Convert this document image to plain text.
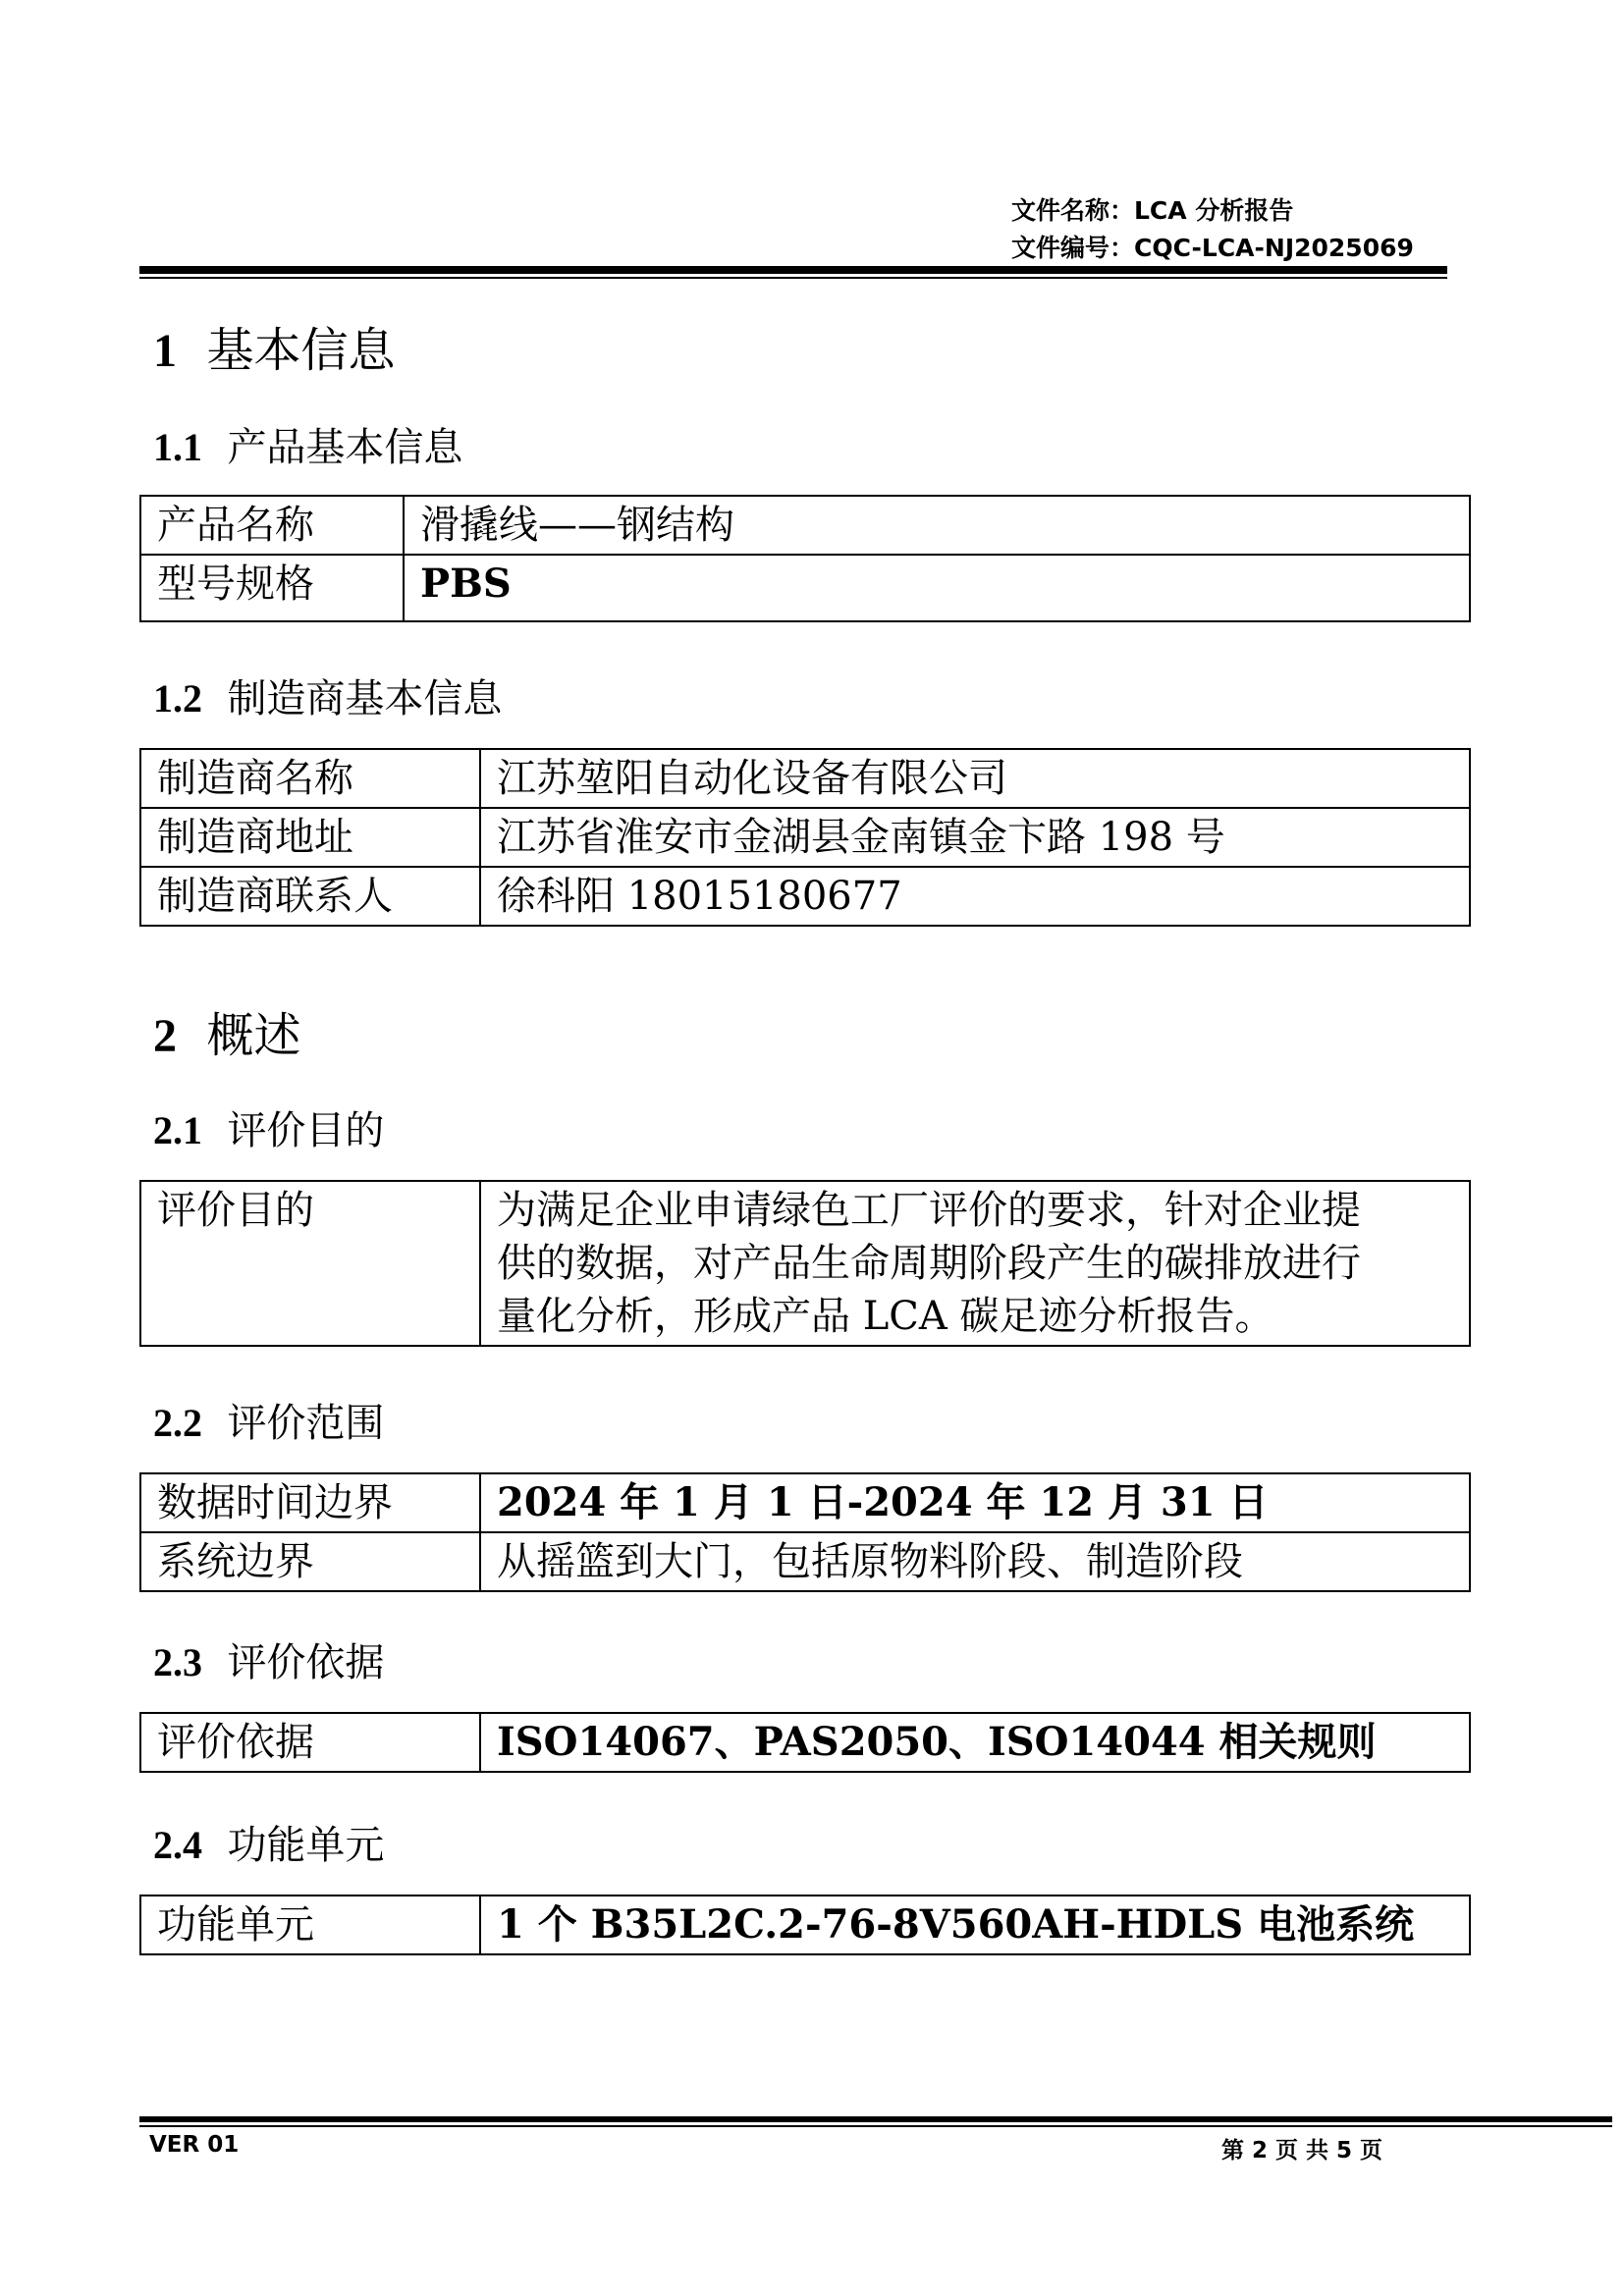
文件名称：LCA 分析报告
文件编号：CQC-LCA-NJ2025069
1 基本信息
1.1 产品基本信息
产品名称	滑撬线——钢结构
型号规格	PBS
1.2 制造商基本信息
制造商名称	江苏堃阳自动化设备有限公司
制造商地址	江苏省淮安市金湖县金南镇金卞路 198 号
制造商联系人	徐科阳 18015180677
2 概述
2.1 评价目的
评价目的	为满足企业申请绿色工厂评价的要求，针对企业提
供的数据，对产品生命周期阶段产生的碳排放进行
量化分析，形成产品 LCA 碳足迹分析报告。
2.2 评价范围
数据时间边界	2024 年 1 月 1 日-2024 年 12 月 31 日
系统边界	从摇篮到大门，包括原物料阶段、制造阶段
2.3 评价依据
评价依据	ISO14067、PAS2050、ISO14044 相关规则
2.4 功能单元
功能单元	1 个 B35L2C.2-76-8V560AH-HDLS 电池系统
VER 01	第 2 页 共 5 页
